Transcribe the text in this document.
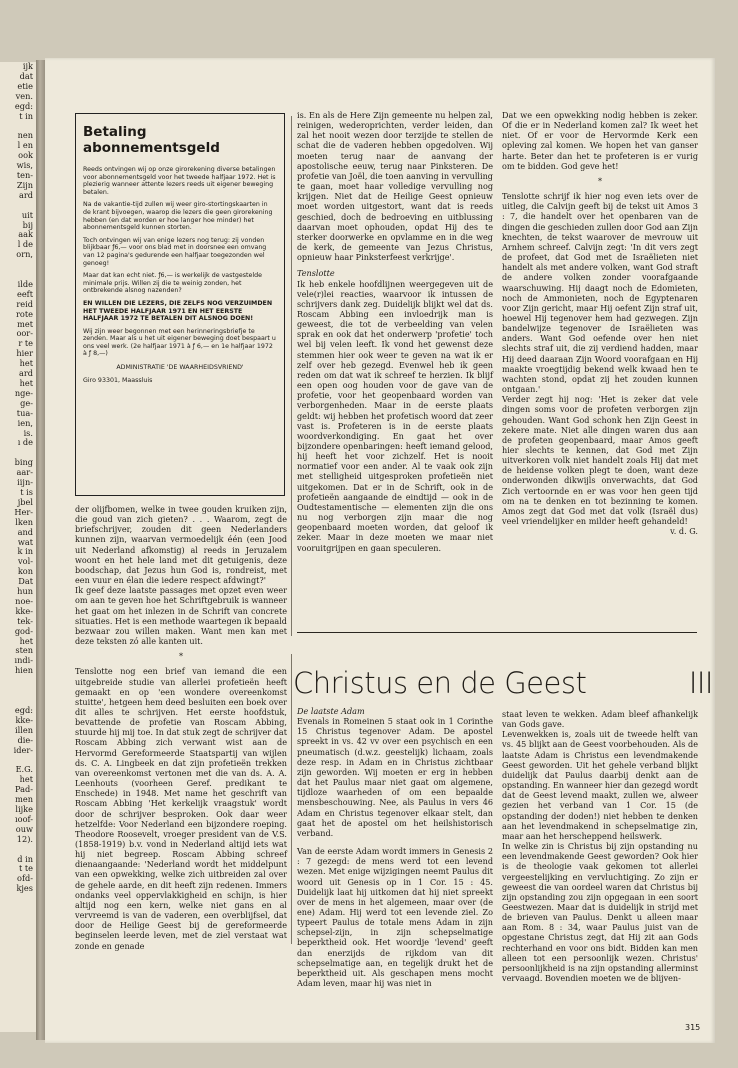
ijk
dat
etie
ven.
egd:
t in

nen
l en
ook
wis,
ten-
Zijn
ard

uit
bij
aak
l de
orn,

ilde
eeft
reid
rote
met
oor-
r te
hier
het
ard
het
nge-
ge-
tua-
ien,
is.
ı de

bing
aar-
iijn-
t is
jbel
Her-
lken
and
wat
k in
vol-
kon
Dat
hun
noe-
kke-
tek-
god-
het
sten
ındi-
hien

egd:
kke-
illen
die-
ider-

E.G.
het
Pad-
men
lijke
ıoof-
ouw
12).

d in
t te
ofd-
kjes
Betaling abonnementsgeld

Reeds ontvingen wij op onze girorekening diverse betalingen voor abonnementsgeld voor het tweede halfjaar 1972. Het is plezierig wanneer attente lezers reeds uit eigener beweging betalen.

Na de vakantie-tijd zullen wij weer giro-stortingskaarten in de krant bijvoegen, waarop die lezers die geen girorekening hebben (en dat worden er hoe langer hoe minder) het abonnementsgeld kunnen storten.

Toch ontvingen wij van enige lezers nog terug: zij vonden blijkbaar ƒ6,— voor ons blad met in doorsnee een omvang van 12 pagina's gedurende een halfjaar toegezonden wel genoeg!

Maar dat kan echt niet. ƒ6,— is werkelijk de vastgestelde minimale prijs. Willen zij die te weinig zonden, het ontbrekende alsnog nazenden?

EN WILLEN DIE LEZERS, DIE ZELFS NOG VERZUIMDEN HET TWEEDE HALFJAAR 1971 EN HET EERSTE HALFJAAR 1972 TE BETALEN DIT ALSNOG DOEN!

Wij zijn weer begonnen met een herinneringsbriefje te zenden. Maar als u het uit eigener beweging doet bespaart u ons veel werk. (2e halfjaar 1971 à ƒ 6,— en 1e halfjaar 1972 à ƒ 8,—)

ADMINISTRATIE 'DE WAARHEIDSVRIEND'

Giro 93301, Maassluis

der olijfbomen, welke in twee gouden kruiken zijn, die goud van zich gieten? . . . Waarom, zegt de briefschrijver, zouden dit geen Nederlanders kunnen zijn, waarvan vermoedelijk één (een Jood uit Nederland afkomstig) al reeds in Jeruzalem woont en het hele land met dit getuigenis, deze boodschap, dat Jezus hun God is, rondreist, met een vuur en élan die iedere respect afdwingt?'

Ik geef deze laatste passages met opzet even weer om aan te geven hoe het Schriftgebruik is wanneer het gaat om het inlezen in de Schrift van concrete situaties. Het is een methode waartegen ik bepaald bezwaar zou willen maken. Want men kan met deze teksten zó alle kanten uit.

*

Tenslotte nog een brief van iemand die een uitgebreide studie van allerlei profetieën heeft gemaakt en op 'een wondere overeenkomst stuitte', hetgeen hem deed besluiten een boek over dit alles te schrijven. Het eerste hoofdstuk, bevattende de profetie van Roscam Abbing, stuurde hij mij toe. In dat stuk zegt de schrijver dat Roscam Abbing zich verwant wist aan de Hervormd Gereformeerde Staatspartij van wijlen ds. C. A. Lingbeek en dat zijn profetieën trekken van overeenkomst vertonen met die van ds. A. A. Leenhouts (voorheen Geref. predikant te Enschede) in 1948. Met name het geschrift van Roscam Abbing 'Het kerkelijk vraagstuk' wordt door de schrijver besproken. Ook daar weer hetzelfde: Voor Nederland een bijzondere roeping. Theodore Roosevelt, vroeger president van de V.S. (1858-1919) b.v. vond in Nederland altijd iets wat hij niet begreep. Roscam Abbing schreef dienaangaande: 'Nederland wordt het middelpunt van een opwekking, welke zich uitbreiden zal over de gehele aarde, en dit heeft zijn redenen. Immers ondanks veel oppervlakkigheid en schijn, is hier altijd nog een kern, welke niet gans en al vervreemd is van de vaderen, een overblijfsel, dat door de Heilige Geest bij de gereformeerde beginselen leerde leven, met de ziel verstaat wat zonde en genade

is. En als de Here Zijn gemeente nu helpen zal, reinigen, wederoprichten, verder leiden, dan zal het nooit wezen door terzijde te stellen de schat die de vaderen hebben opgedolven. Wij moeten terug naar de aanvang der apostolische eeuw, terug naar Pinksteren. De profetie van Joël, die toen aanving in vervulling te gaan, moet haar volledige vervulling nog krijgen. Niet dat de Heilige Geest opnieuw moet worden uitgestort, want dat is reeds geschied, doch de bedroeving en uitblussing daarvan moet ophouden, opdat Hij des te sterker doorwerke en opvlamme en in die weg de kerk, de gemeente van Jezus Christus, opnieuw haar Pinksterfeest verkrijge'.

Tenslotte

Ik heb enkele hoofdlijnen weergegeven uit de vele(r)lei reacties, waarvoor ik intussen de schrijvers dank zeg. Duidelijk blijkt wel dat ds. Roscam Abbing een invloedrijk man is geweest, die tot de verbeelding van velen sprak en ook dat het onderwerp 'profetie' toch wel bij velen leeft. Ik vond het gewenst deze stemmen hier ook weer te geven na wat ik er zelf over heb gezegd. Evenwel heb ik geen reden om dat wat ik schreef te herzien. Ik blijf een open oog houden voor de gave van de profetie, voor het geopenbaard worden van verborgenheden. Maar in de eerste plaats geldt: wij hebben het profetisch woord dat zeer vast is. Profeteren is in de eerste plaats woordverkondiging. En gaat het over bijzondere openbaringen: heeft iemand gelood, hij heeft het voor zichzelf. Het is nooit normatief voor een ander. Al te vaak ook zijn met stelligheid uitgesproken profetieën niet uitgekomen. Dat er in de Schrift, ook in de profetieën aangaande de eindtijd — ook in de Oudtestamentische — elementen zijn die ons nu nog verborgen zijn maar die nog geopenbaard moeten worden, dat geloof ik zeker. Maar in deze moeten we maar niet vooruitgrijpen en gaan speculeren.

Dat we een opwekking nodig hebben is zeker. Of die er in Nederland komen zal? Ik weet het niet. Of er voor de Hervormde Kerk een opleving zal komen. We hopen het van ganser harte. Beter dan het te profeteren is er vurig om te bidden. God geve het!

*

Tenslotte schrijf ik hier nog even iets over de uitleg, die Calvijn geeft bij de tekst uit Amos 3 : 7, die handelt over het openbaren van de dingen die geschieden zullen door God aan Zijn knechten, de tekst waarover de mevrouw uit Arnhem schreef. Calvijn zegt: 'In dit vers zegt de profeet, dat God met de Israëlieten niet handelt als met andere volken, want God straft de andere volken zonder voorafgaande waarschuwing. Hij daagt noch de Edomieten, noch de Ammonieten, noch de Egyptenaren voor Zijn gericht, maar Hij oefent Zijn straf uit, hoewel Hij tegenover hem had gezwegen. Zijn bandelwijze tegenover de Israëlieten was anders. Want God oefende over hen niet slechts straf uit, die zij verdiend hadden, maar Hij deed daaraan Zijn Woord voorafgaan en Hij maakte vroegtijdig bekend welk kwaad hen te wachten stond, opdat zij het zouden kunnen ontgaan.'

Verder zegt hij nog: 'Het is zeker dat vele dingen soms voor de profeten verborgen zijn gehouden. Want God schonk hen Zijn Geest in zekere mate. Niet alle dingen waren dus aan de profeten geopenbaard, maar Amos geeft hier slechts te kennen, dat God met Zijn uitverkoren volk niet handelt zoals Hij dat met de heidense volken plegt te doen, want deze onderwonden dikwijls onverwachts, dat God Zich vertoornde en er was voor hen geen tijd om na te denken en tot bezinning te komen. Amos zegt dat God met dat volk (Israël dus) veel vriendelijker en milder heeft gehandeld!

v. d. G.

Christus en de Geest	III

De laatste Adam

Evenals in Romeinen 5 staat ook in 1 Corinthe 15 Christus tegenover Adam. De apostel spreekt in vs. 42 vv over een psychisch en een pneumatisch (d.w.z. geestelijk) lichaam, zoals deze resp. in Adam en in Christus zichtbaar zijn geworden. Wij moeten er erg in hebben dat het Paulus maar niet gaat om algemene, tijdloze waarheden of om een bepaalde mensbeschouwing. Nee, als Paulus in vers 46 Adam en Christus tegenover elkaar stelt, dan gaat het de apostel om het heilshistorisch verband.

Van de eerste Adam wordt immers in Genesis 2 : 7 gezegd: de mens werd tot een levend wezen. Met enige wijzigingen neemt Paulus dit woord uit Genesis op in 1 Cor. 15 : 45. Duidelijk laat hij uitkomen dat hij niet spreekt over de mens in het algemeen, maar over (de ene) Adam. Hij werd tot een levende ziel. Zo typeert Paulus de totale mens Adam in zijn schepsel-zijn, in zijn schepselmatige beperktheid ook. Het woordje 'levend' geeft dan enerzijds de rijkdom van dit schepselmatige aan, en tegelijk drukt het de beperktheid uit. Als geschapen mens mocht Adam leven, maar hij was niet in

staat leven te wekken. Adam bleef afhankelijk van Gods gave.

Levenwekken is, zoals uit de tweede helft van vs. 45 blijkt aan de Geest voorbehouden. Als de laatste Adam is Christus een levendmakende Geest geworden. Uit het gehele verband blijkt duidelijk dat Paulus daarbij denkt aan de opstanding. En wanneer hier dan gezegd wordt dat de Geest levend maakt, zullen we, alweer gezien het verband van 1 Cor. 15 (de opstanding der doden!) niet hebben te denken aan het levendmakend in schepselmatige zin, maar aan het herscheppend heilswerk.

In welke zin is Christus bij zijn opstanding nu een levendmakende Geest geworden? Ook hier is de theologie vaak gekomen tot allerlei vergeestelijking en vervluchtiging. Zo zijn er geweest die van oordeel waren dat Christus bij zijn opstanding zou zijn opgegaan in een soort Geestwezen. Maar dat is duidelijk in strijd met de brieven van Paulus. Denkt u alleen maar aan Rom. 8 : 34, waar Paulus juist van de opgestane Christus zegt, dat Hij zit aan Gods rechterhand en voor ons bidt. Bidden kan men alleen tot een persoonlijk wezen. Christus' persoonlijkheid is na zijn opstanding allerminst vervaagd. Bovendien moeten we de blijven-

315
